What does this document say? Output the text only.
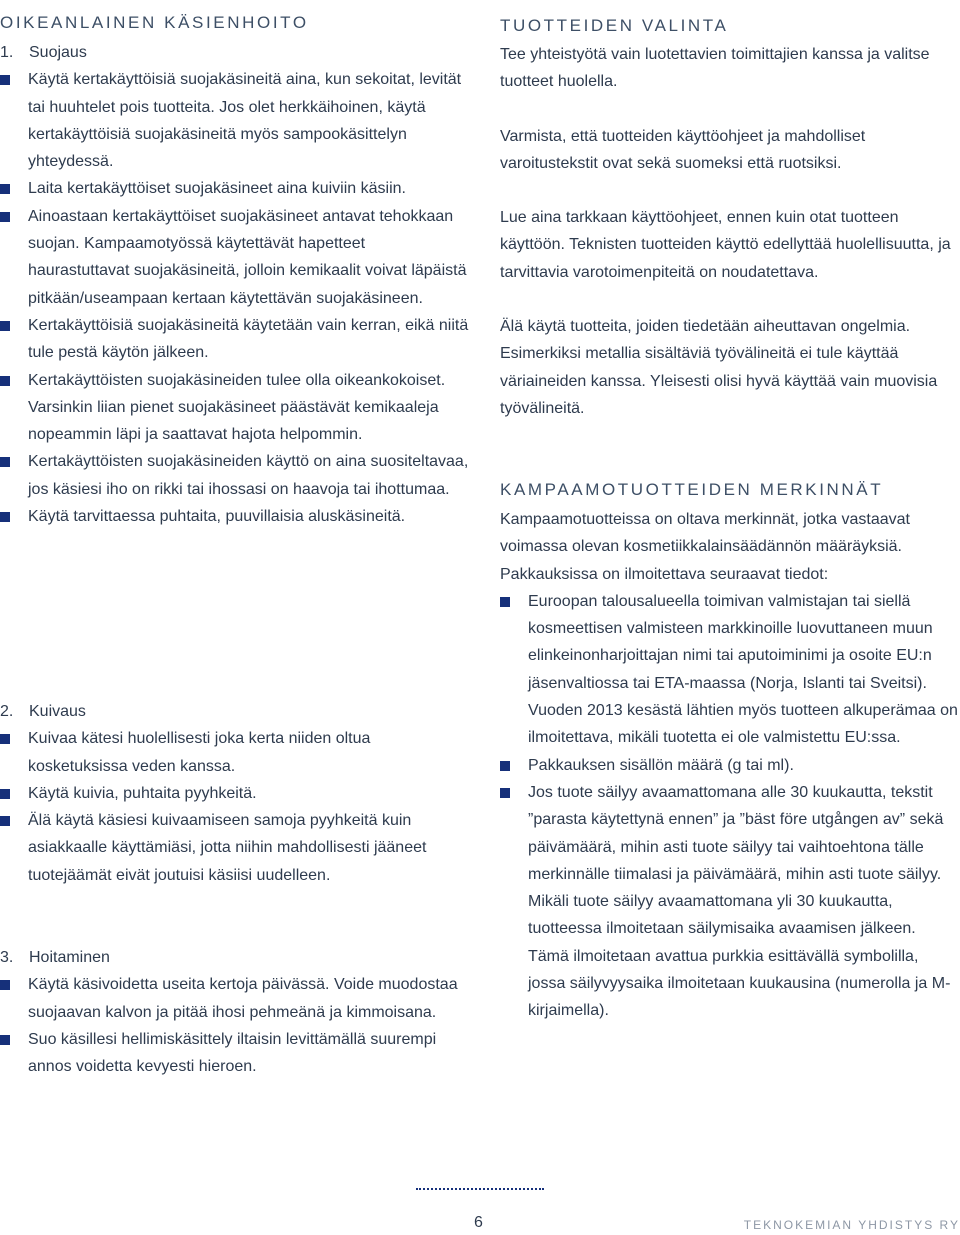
OIKEANLAINEN KÄSIENHOITO
1. Suojaus
Käytä kertakäyttöisiä suojakäsineitä aina, kun sekoitat, levität tai huuhtelet pois tuotteita. Jos olet herkkäihoinen, käytä kertakäyttöisiä suojakäsineitä myös sampookäsittelyn yhteydessä.
Laita kertakäyttöiset suojakäsineet aina kuiviin käsiin.
Ainoastaan kertakäyttöiset suojakäsineet antavat tehokkaan suojan. Kampaamotyössä käytettävät hapetteet haurastuttavat suojakäsineitä, jolloin kemikaalit voivat läpäistä pitkään/useampaan kertaan käytettävän suojakäsineen.
Kertakäyttöisiä suojakäsineitä käytetään vain kerran, eikä niitä tule pestä käytön jälkeen.
Kertakäyttöisten suojakäsineiden tulee olla oikeankokoiset. Varsinkin liian pienet suojakäsineet päästävät kemikaaleja nopeammin läpi ja saattavat hajota helpommin.
Kertakäyttöisten suojakäsineiden käyttö on aina suositeltavaa, jos käsiesi iho on rikki tai ihossasi on haavoja tai ihottumaa.
Käytä tarvittaessa puhtaita, puuvillaisia aluskäsineitä.
2. Kuivaus
Kuivaa kätesi huolellisesti joka kerta niiden oltua kosketuksissa veden kanssa.
Käytä kuivia, puhtaita pyyhkeitä.
Älä käytä käsiesi kuivaamiseen samoja pyyhkeitä kuin asiakkaalle käyttämiäsi, jotta niihin mahdollisesti jääneet tuotejäämät eivät joutuisi käsiisi uudelleen.
3. Hoitaminen
Käytä käsivoidetta useita kertoja päivässä. Voide muodostaa suojaavan kalvon ja pitää ihosi pehmeänä ja kimmoisana.
Suo käsillesi hellimiskäsittely iltaisin levittämällä suurempi annos voidetta kevyesti hieroen.
TUOTTEIDEN VALINTA

Tee yhteistyötä vain luotettavien toimittajien kanssa ja valitse tuotteet huolella.

Varmista, että tuotteiden käyttöohjeet ja mahdolliset varoitustekstit ovat sekä suomeksi että ruotsiksi.

Lue aina tarkkaan käyttöohjeet, ennen kuin otat tuotteen käyttöön. Teknisten tuotteiden käyttö edellyttää huolellisuutta, ja tarvittavia varotoimenpiteitä on noudatettava.

Älä käytä tuotteita, joiden tiedetään aiheuttavan ongelmia. Esimerkiksi metallia sisältäviä työvälineitä ei tule käyttää väriaineiden kanssa. Yleisesti olisi hyvä käyttää vain muovisia työvälineitä.

KAMPAAMOTUOTTEIDEN MERKINNÄT

Kampaamotuotteissa on oltava merkinnät, jotka vastaavat voimassa olevan kosmetiikkalainsäädännön määräyksiä. Pakkauksissa on ilmoitettava seuraavat tiedot:

Euroopan talousalueella toimivan valmistajan tai siellä kosmeettisen valmisteen markkinoille luovuttaneen muun elinkeinonharjoittajan nimi tai aputoiminimi ja osoite EU:n jäsenvaltiossa tai ETA-maassa (Norja, Islanti tai Sveitsi). Vuoden 2013 kesästä lähtien myös tuotteen alkuperämaa on ilmoitettava, mikäli tuotetta ei ole valmistettu EU:ssa.
Pakkauksen sisällön määrä (g tai ml).
Jos tuote säilyy avaamattomana alle 30 kuukautta, tekstit ”parasta käytettynä ennen” ja ”bäst före utgången av” sekä päivämäärä, mihin asti tuote säilyy tai vaihtoehtona tälle merkinnälle tiimalasi ja päivämäärä, mihin asti tuote säilyy. Mikäli tuote säilyy avaamattomana yli 30 kuukautta, tuotteessa ilmoitetaan säilymisaika avaamisen jälkeen. Tämä ilmoitetaan avattua purkkia esittävällä symbolilla, jossa säilyvyysaika ilmoitetaan kuukausina (numerolla ja M-kirjaimella).
6	TEKNOKEMIAN YHDISTYS RY
